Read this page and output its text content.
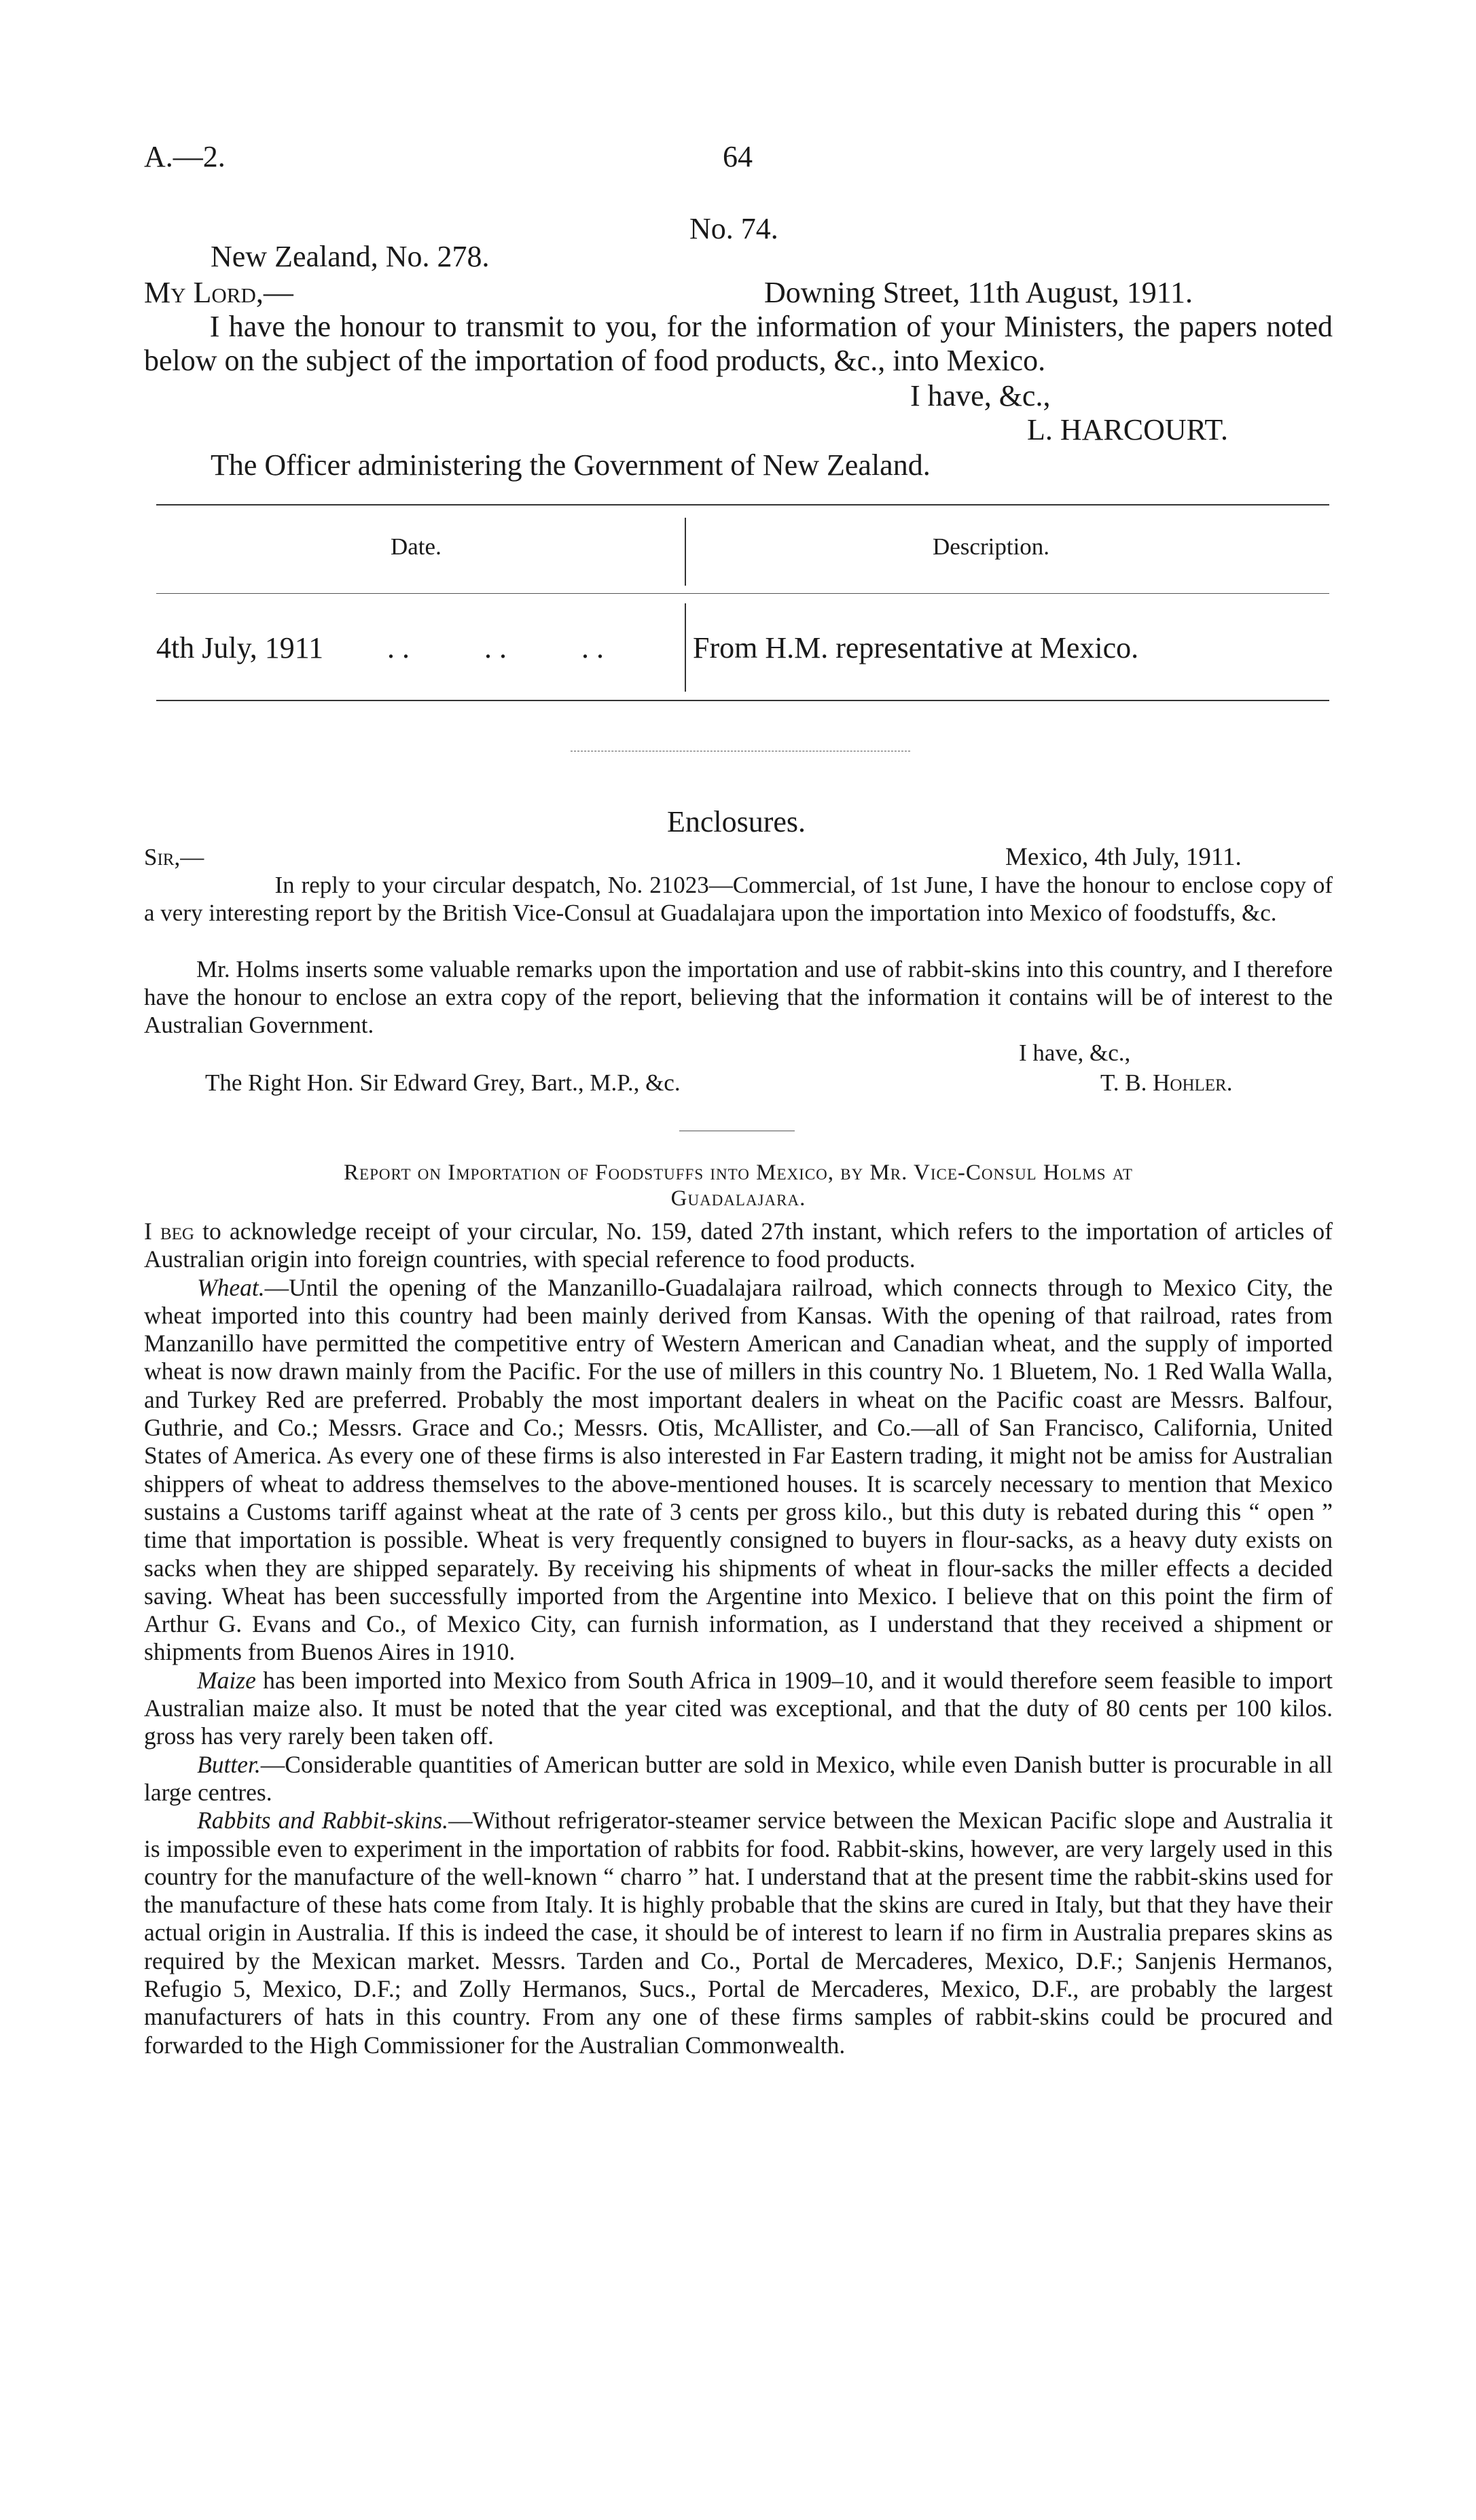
A.—2.	64
No. 74.
New Zealand, No. 278.
My Lord,—	Downing Street, 11th August, 1911.

I have the honour to transmit to you, for the information of your Ministers, the papers noted below on the subject of the importation of food products, &c., into Mexico.

I have, &c.,
L. HARCOURT.
The Officer administering the Government of New Zealand.
Date.	Description.
4th July, 1911 . .          . .          . .	From H.M. representative at Mexico.
Enclosures.
Sir,—	Mexico, 4th July, 1911.

In reply to your circular despatch, No. 21023—Commercial, of 1st June, I have the honour to enclose copy of a very interesting report by the British Vice-Consul at Guadalajara upon the importation into Mexico of foodstuffs, &c.

Mr. Holms inserts some valuable remarks upon the importation and use of rabbit-skins into this country, and I therefore have the honour to enclose an extra copy of the report, believing that the information it contains will be of interest to the Australian Government.

I have, &c.,
The Right Hon. Sir Edward Grey, Bart., M.P., &c.	T. B. Hohler.
Report on Importation of Foodstuffs into Mexico, by Mr. Vice-Consul Holms at
Guadalajara.

I beg to acknowledge receipt of your circular, No. 159, dated 27th instant, which refers to the importation of articles of Australian origin into foreign countries, with special reference to food products.

Wheat.—Until the opening of the Manzanillo-Guadalajara railroad, which connects through to Mexico City, the wheat imported into this country had been mainly derived from Kansas. With the opening of that railroad, rates from Manzanillo have permitted the competitive entry of Western American and Canadian wheat, and the supply of imported wheat is now drawn mainly from the Pacific. For the use of millers in this country No. 1 Bluetem, No. 1 Red Walla Walla, and Turkey Red are preferred. Probably the most important dealers in wheat on the Pacific coast are Messrs. Balfour, Guthrie, and Co.; Messrs. Grace and Co.; Messrs. Otis, McAllister, and Co.—all of San Francisco, California, United States of America. As every one of these firms is also interested in Far Eastern trading, it might not be amiss for Australian shippers of wheat to address themselves to the above-mentioned houses. It is scarcely necessary to mention that Mexico sustains a Customs tariff against wheat at the rate of 3 cents per gross kilo., but this duty is rebated during this “ open ” time that importation is possible. Wheat is very frequently consigned to buyers in flour-sacks, as a heavy duty exists on sacks when they are shipped separately. By receiving his shipments of wheat in flour-sacks the miller effects a decided saving. Wheat has been successfully imported from the Argentine into Mexico. I believe that on this point the firm of Arthur G. Evans and Co., of Mexico City, can furnish information, as I understand that they received a shipment or shipments from Buenos Aires in 1910.

Maize has been imported into Mexico from South Africa in 1909–10, and it would therefore seem feasible to import Australian maize also. It must be noted that the year cited was exceptional, and that the duty of 80 cents per 100 kilos. gross has very rarely been taken off.

Butter.—Considerable quantities of American butter are sold in Mexico, while even Danish butter is procurable in all large centres.

Rabbits and Rabbit-skins.—Without refrigerator-steamer service between the Mexican Pacific slope and Australia it is impossible even to experiment in the importation of rabbits for food. Rabbit-skins, however, are very largely used in this country for the manufacture of the well-known “ charro ” hat. I understand that at the present time the rabbit-skins used for the manufacture of these hats come from Italy. It is highly probable that the skins are cured in Italy, but that they have their actual origin in Australia. If this is indeed the case, it should be of interest to learn if no firm in Australia prepares skins as required by the Mexican market. Messrs. Tarden and Co., Portal de Mercaderes, Mexico, D.F.; Sanjenis Hermanos, Refugio 5, Mexico, D.F.; and Zolly Hermanos, Sucs., Portal de Mercaderes, Mexico, D.F., are probably the largest manufacturers of hats in this country. From any one of these firms samples of rabbit-skins could be procured and forwarded to the High Commissioner for the Australian Commonwealth.
